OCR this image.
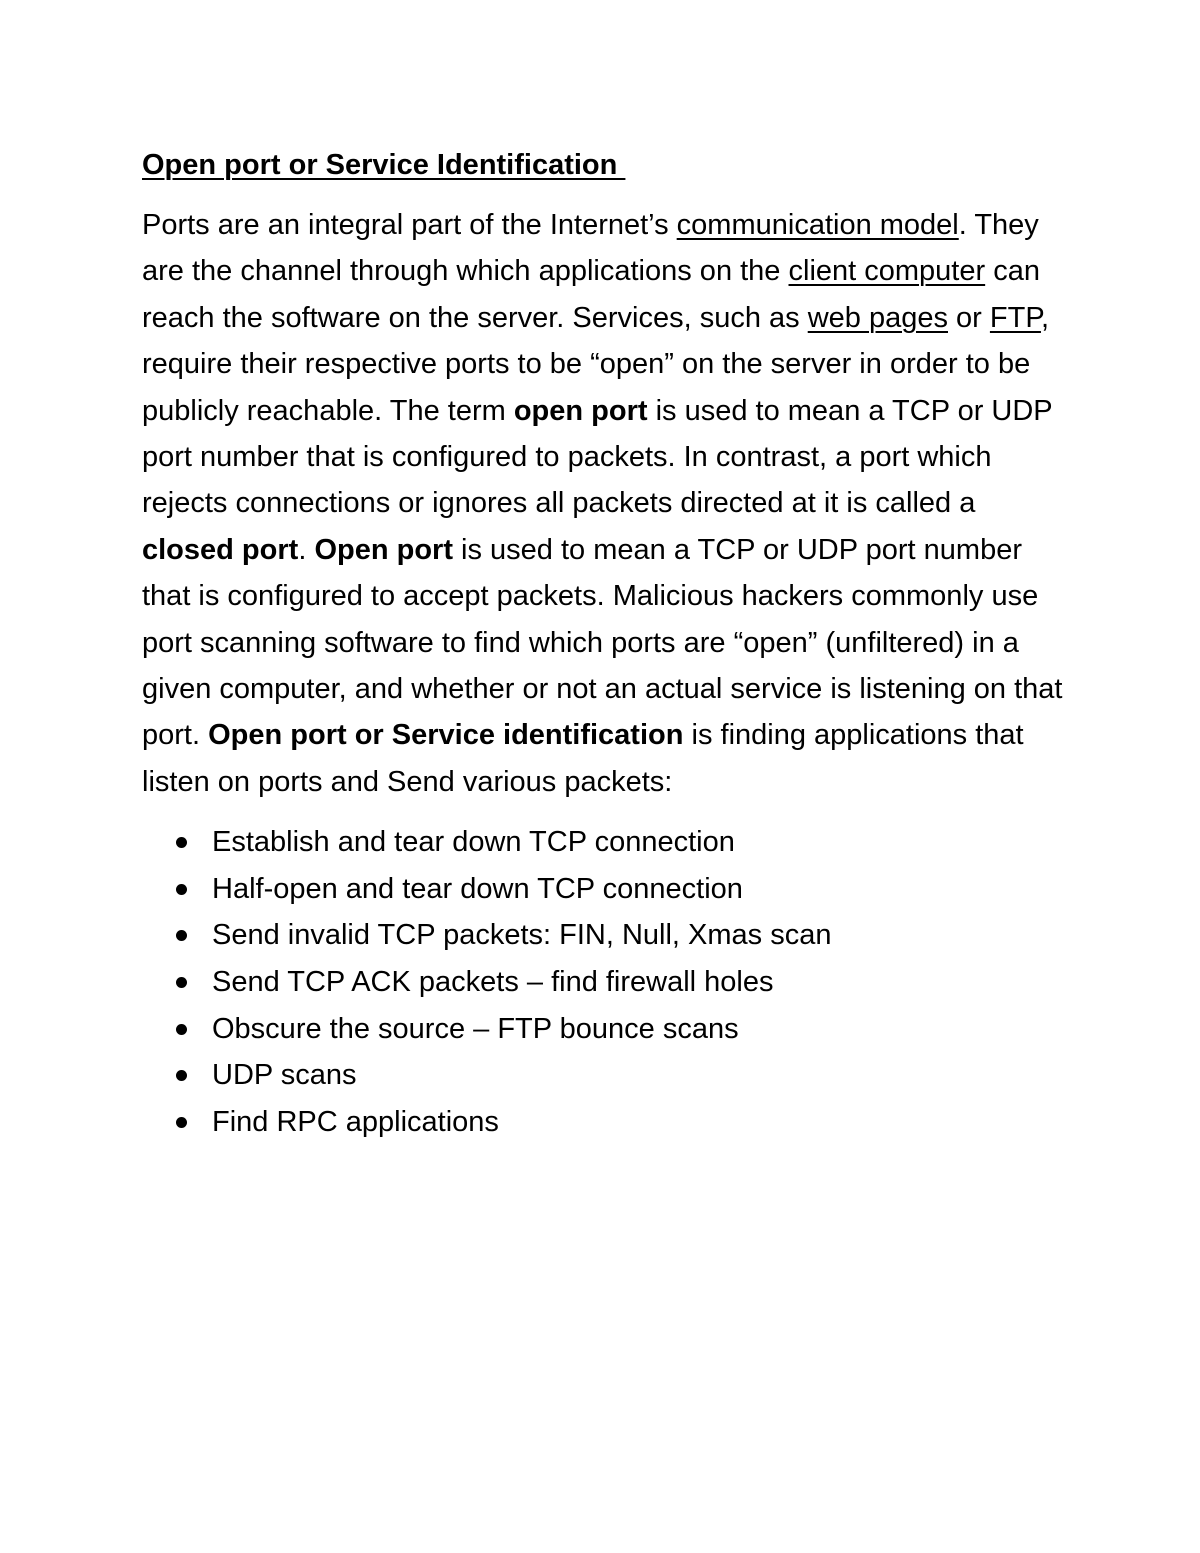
Open port or Service Identification

Ports are an integral part of the Internet’s communication model. They are the channel through which applications on the client computer can reach the software on the server. Services, such as web pages or FTP, require their respective ports to be “open” on the server in order to be publicly reachable. The term open port is used to mean a TCP or UDP port number that is configured to packets. In contrast, a port which rejects connections or ignores all packets directed at it is called a closed port. Open port is used to mean a TCP or UDP port number that is configured to accept packets. Malicious hackers commonly use port scanning software to find which ports are “open” (unfiltered) in a given computer, and whether or not an actual service is listening on that port. Open port or Service identification is finding applications that listen on ports and Send various packets:

Establish and tear down TCP connection
Half-open and tear down TCP connection
Send invalid TCP packets: FIN, Null, Xmas scan
Send TCP ACK packets – find firewall holes
Obscure the source – FTP bounce scans
UDP scans
Find RPC applications
